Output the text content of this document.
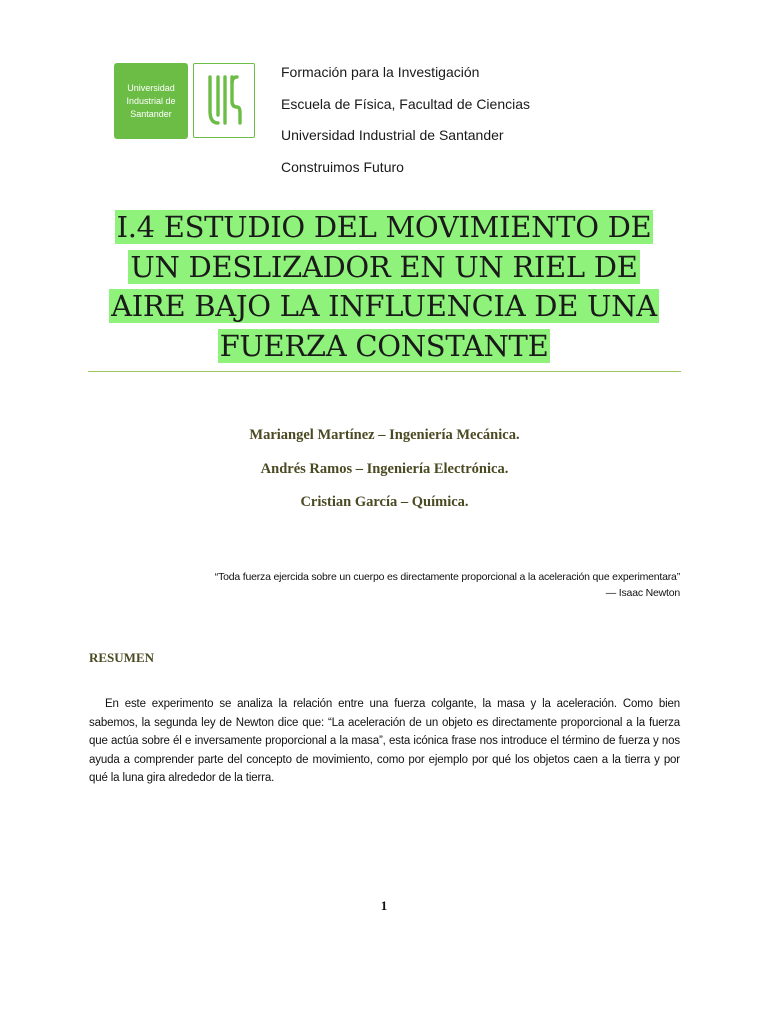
Universidad Industrial de Santander
Formación para la Investigación
Escuela de Física, Facultad de Ciencias
Universidad Industrial de Santander
Construimos Futuro
I.4 ESTUDIO DEL MOVIMIENTO DE UN DESLIZADOR EN UN RIEL DE AIRE BAJO LA INFLUENCIA DE UNA FUERZA CONSTANTE
Mariangel Martínez – Ingeniería Mecánica.
Andrés Ramos – Ingeniería Electrónica.
Cristian García – Química.
“Toda fuerza ejercida sobre un cuerpo es directamente proporcional a la aceleración que experimentara”
— Isaac Newton
RESUMEN
En este experimento se analiza la relación entre una fuerza colgante, la masa y la aceleración. Como bien sabemos, la segunda ley de Newton dice que: “La aceleración de un objeto es directamente proporcional a la fuerza que actúa sobre él e inversamente proporcional a la masa”, esta icónica frase nos introduce el término de fuerza y nos ayuda a comprender parte del concepto de movimiento, como por ejemplo por qué los objetos caen a la tierra y por qué la luna gira alrededor de la tierra.
1
